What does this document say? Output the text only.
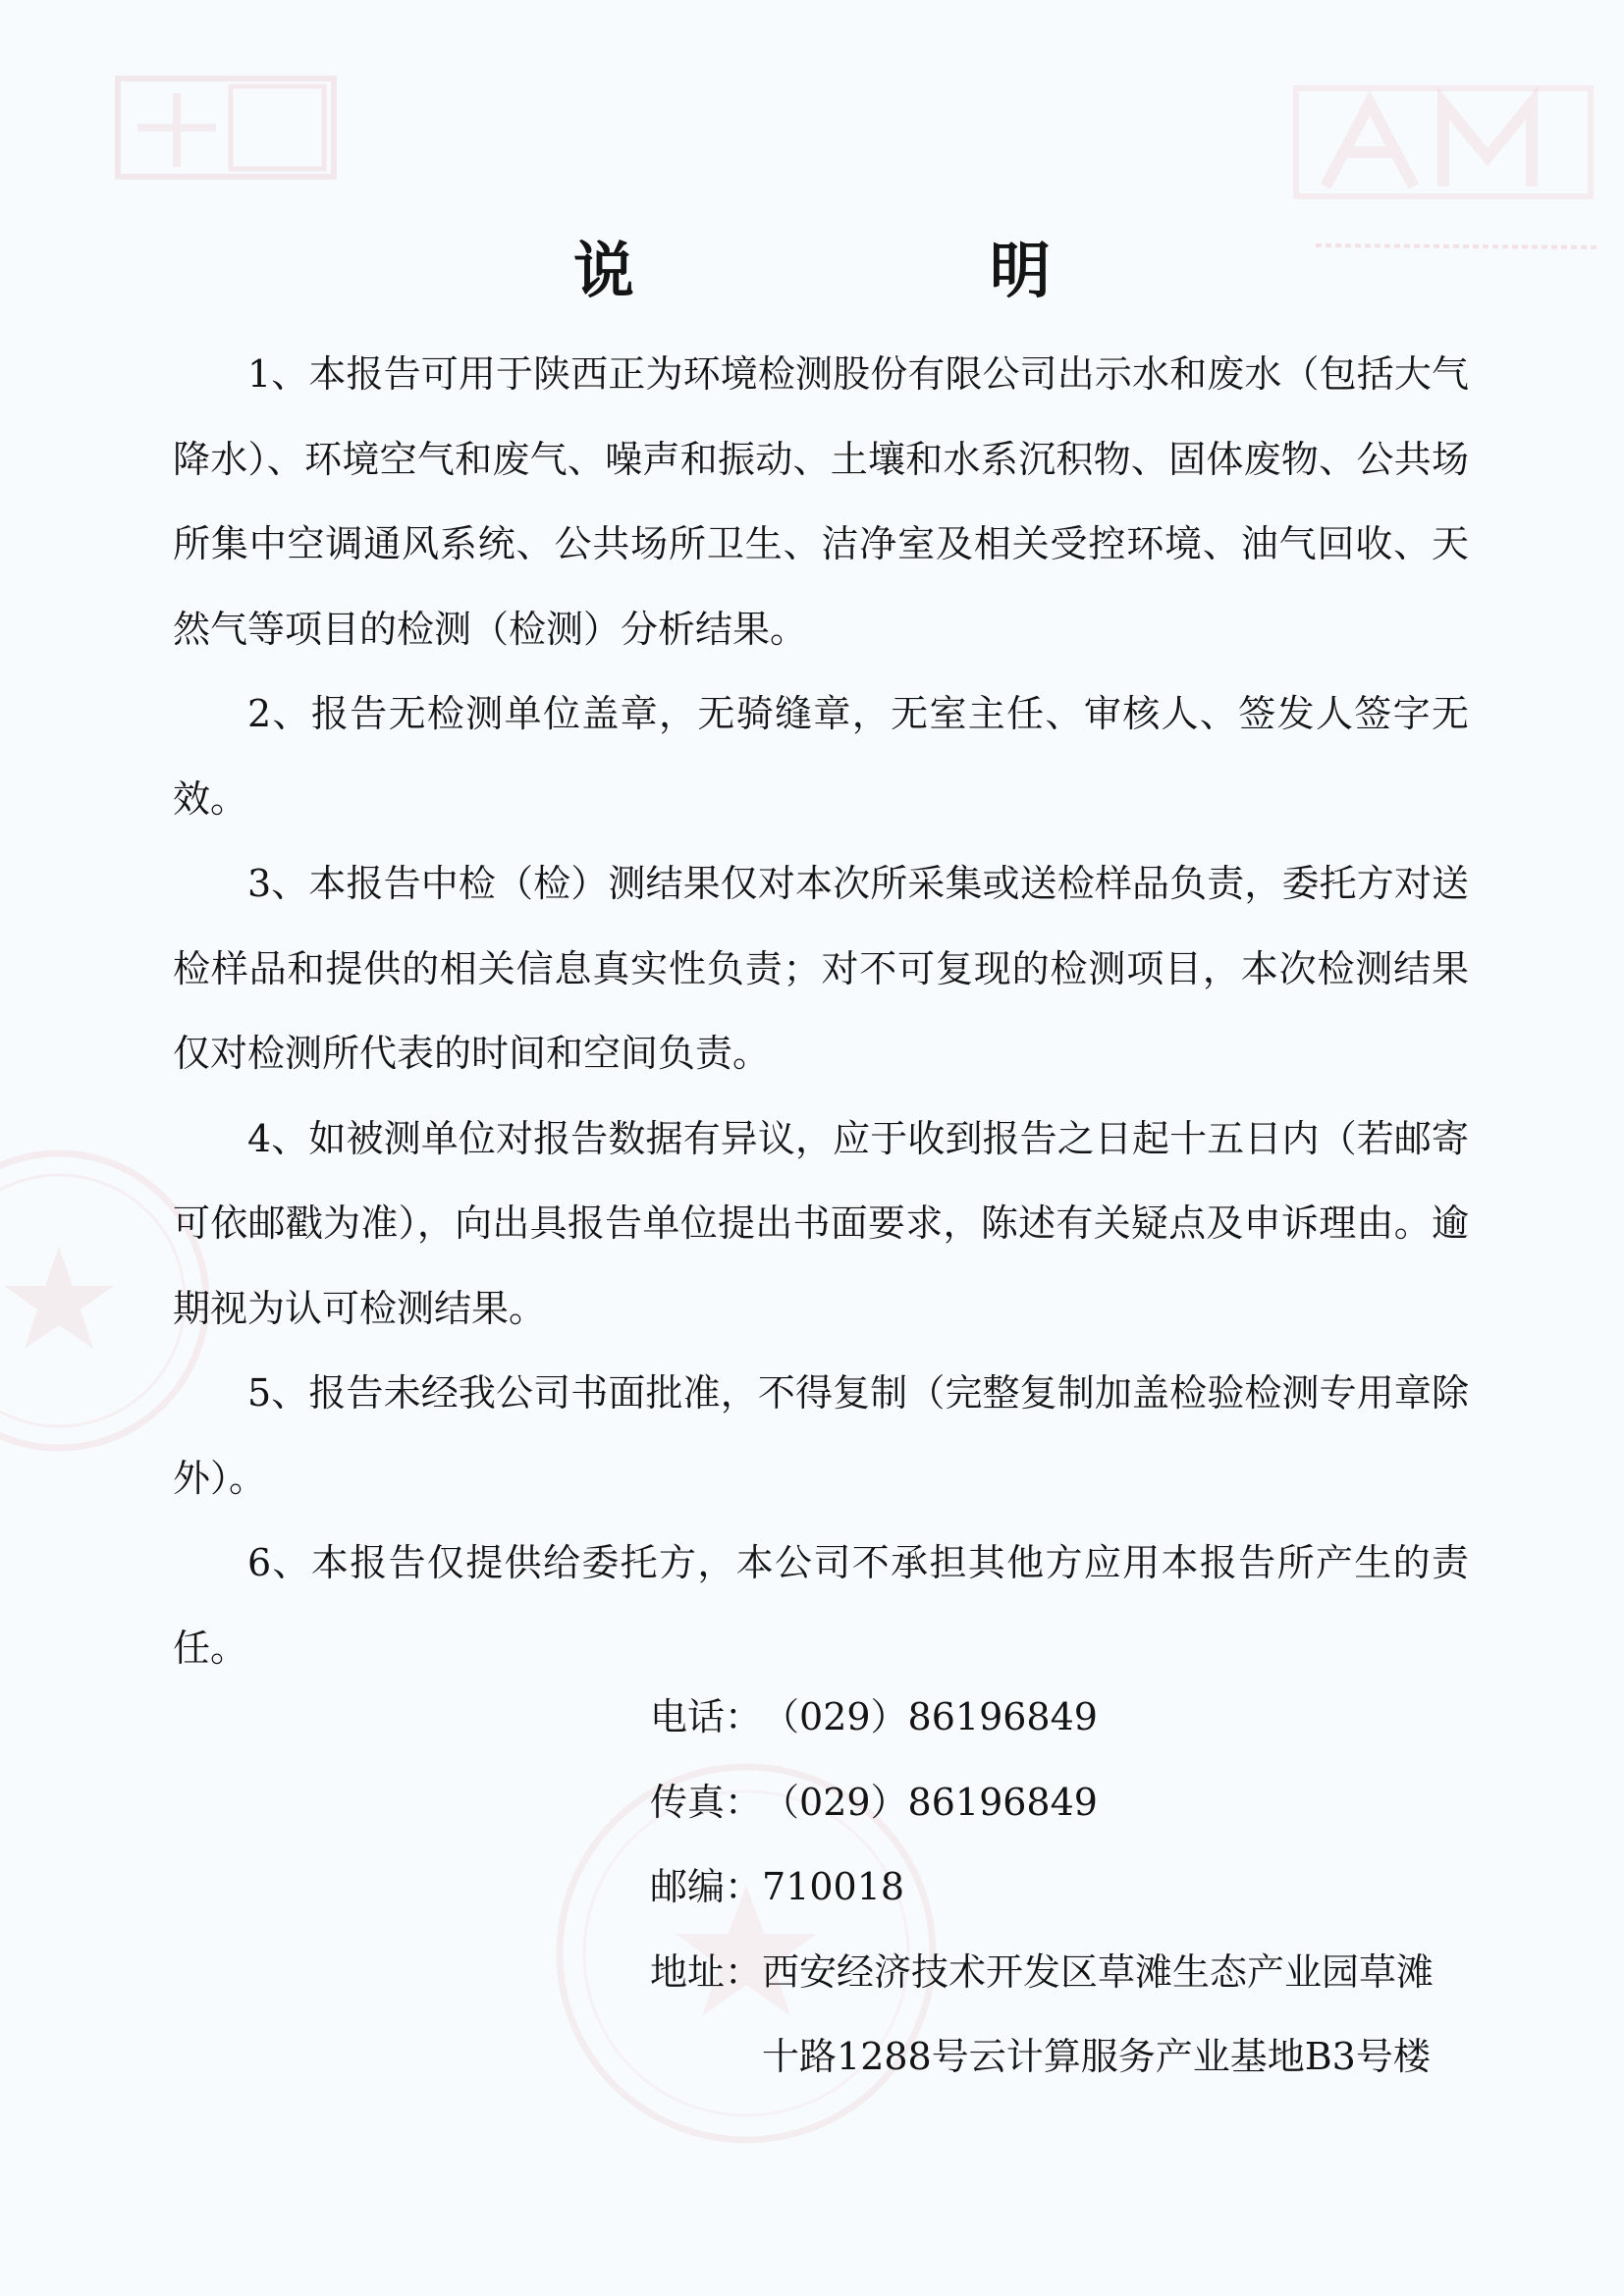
说　明

1、本报告可用于陕西正为环境检测股份有限公司出示水和废水（包括大气降水）、环境空气和废气、噪声和振动、土壤和水系沉积物、固体废物、公共场所集中空调通风系统、公共场所卫生、洁净室及相关受控环境、油气回收、天然气等项目的检测（检测）分析结果。

2、报告无检测单位盖章，无骑缝章，无室主任、审核人、签发人签字无效。

3、本报告中检（检）测结果仅对本次所采集或送检样品负责，委托方对送检样品和提供的相关信息真实性负责；对不可复现的检测项目，本次检测结果仅对检测所代表的时间和空间负责。

4、如被测单位对报告数据有异议，应于收到报告之日起十五日内（若邮寄可依邮戳为准），向出具报告单位提出书面要求，陈述有关疑点及申诉理由。逾期视为认可检测结果。

5、报告未经我公司书面批准，不得复制（完整复制加盖检验检测专用章除外）。

6、本报告仅提供给委托方，本公司不承担其他方应用本报告所产生的责任。

电话： （029）86196849
传真： （029）86196849
邮编： 710018
地址： 西安经济技术开发区草滩生态产业园草滩十路1288号云计算服务产业基地B3号楼
